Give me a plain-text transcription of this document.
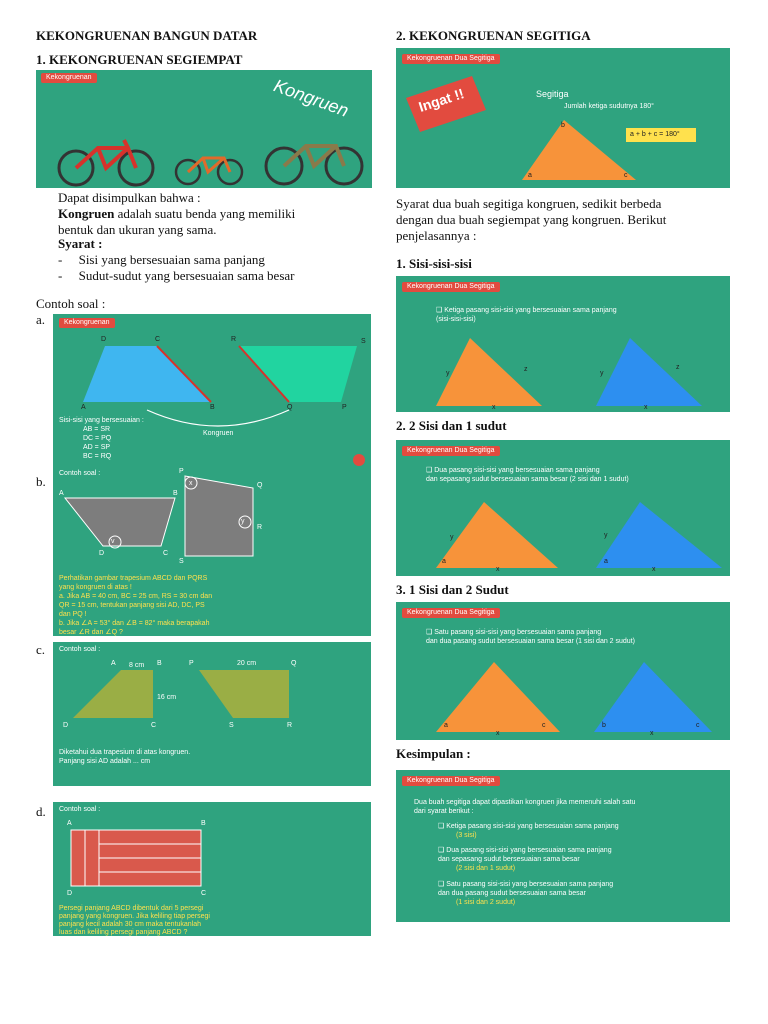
KEKONGRUENAN BANGUN DATAR
1. KEKONGRUENAN SEGIEMPAT
Kekongruenan	Kongruen
Dapat disimpulkan bahwa :
Kongruen adalah suatu benda yang memiliki
bentuk dan ukuran yang sama.
Syarat :
-     Sisi yang bersesuaian sama panjang
-     Sudut-sudut yang bersesuaian sama besar
Contoh soal :
a.	Kekongruenan
D	C
A	B
R	S
Q	P
Sisi-sisi yang bersesuaian :
AB = SR
DC = PQ
AD = SP
BC = RQ
Kongruen
b.
Contoh soal :
A	B
C
D
P
Q
R
S
x
y
v
Perhatikan gambar trapesium ABCD dan PQRS
yang kongruen di atas !
a. Jika AB = 40 cm, BC = 25 cm, RS = 30 cm dan
QR = 15 cm, tentukan panjang sisi AD, DC, PS
dan PQ !
b. Jika ∠A = 53° dan ∠B = 82° maka berapakah
besar ∠R dan ∠Q ?
c. Contoh soal :
A 8 cm B
16 cm
C
D
P	20 cm	Q
R
S
Diketahui dua trapesium di atas kongruen.
Panjang sisi AD adalah ... cm
d. Contoh soal :
A	B
C
D
Persegi panjang ABCD dibentuk dari 5 persegi
panjang yang kongruen. Jika keliling tiap persegi
panjang kecil adalah 30 cm maka tentukanlah
luas dan keliling persegi panjang ABCD ?
2. KEKONGRUENAN SEGITIGA
Kekongruenan Dua Segitiga
Ingat !!	Segitiga
Jumlah ketiga sudutnya 180°
a + b + c = 180°
b
a	c
Syarat dua buah segitiga kongruen, sedikit berbeda
dengan dua buah segiempat yang kongruen. Berikut
penjelasannya :
1. Sisi-sisi-sisi
Kekongruenan Dua Segitiga
❑ Ketiga pasang sisi-sisi yang bersesuaian sama panjang
(sisi-sisi-sisi)
y
z
x
y
z
x
2. 2 Sisi dan 1 sudut
Kekongruenan Dua Segitiga
❑ Dua pasang sisi-sisi yang bersesuaian sama panjang
dan sepasang sudut bersesuaian sama besar (2 sisi dan 1 sudut)
y
a
x
y
a
x
3. 1 Sisi dan 2 Sudut
Kekongruenan Dua Segitiga
❑ Satu pasang sisi-sisi yang bersesuaian sama panjang
dan dua pasang sudut bersesuaian sama besar (1 sisi dan 2 sudut)
a	c
x
b	c
x
Kesimpulan :
Kekongruenan Dua Segitiga
Dua buah segitiga dapat dipastikan kongruen jika memenuhi salah satu
dari syarat berikut :
❑ Ketiga pasang sisi-sisi yang bersesuaian sama panjang
(3 sisi)
❑ Dua pasang sisi-sisi yang bersesuaian sama panjang
dan sepasang sudut bersesuaian sama besar
(2 sisi dan 1 sudut)
❑ Satu pasang sisi-sisi yang bersesuaian sama panjang
dan dua pasang sudut bersesuaian sama besar
(1 sisi dan 2 sudut)
